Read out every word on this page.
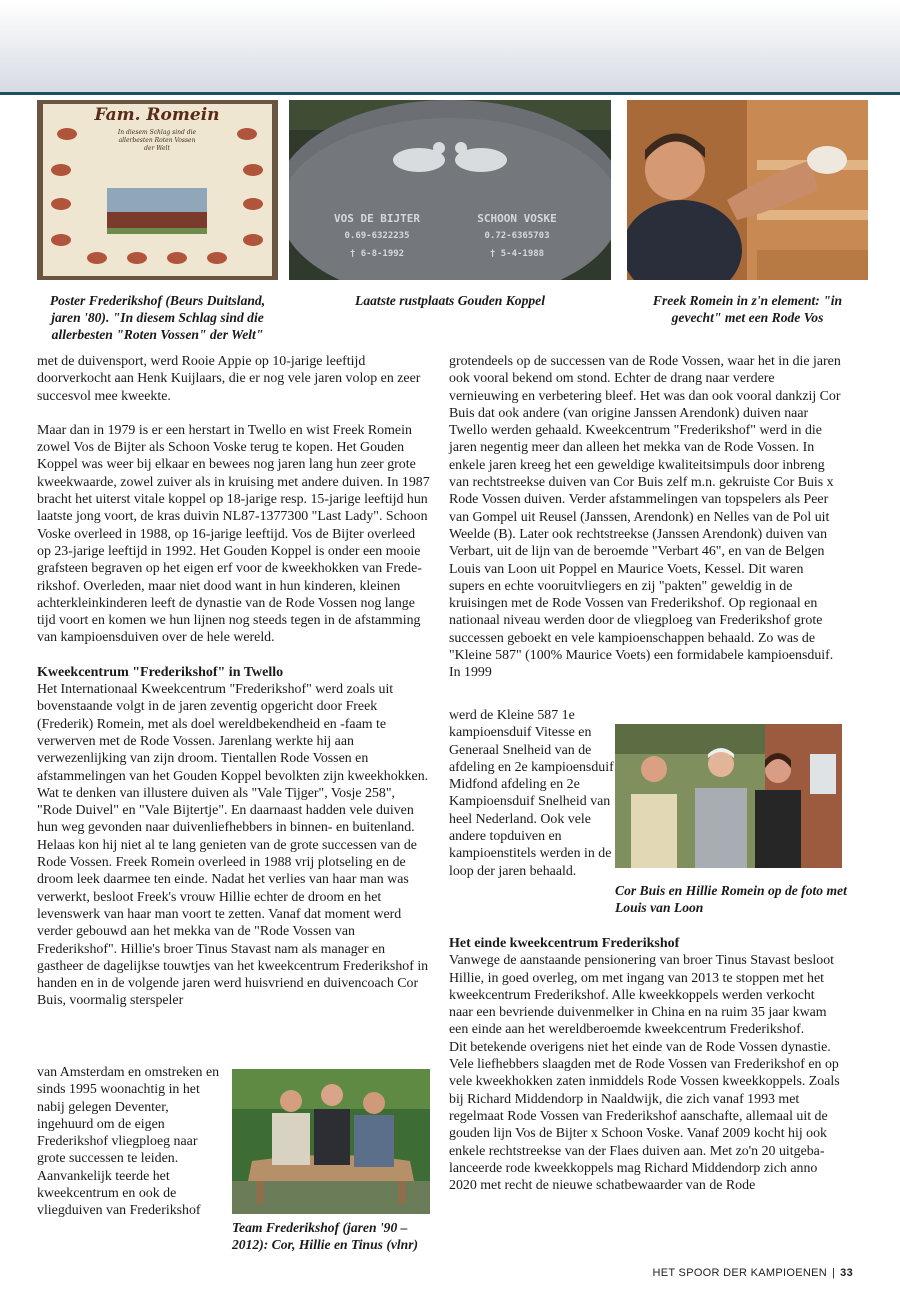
Fam. Romein
In diesem Schlag sind die
allerbesten Roten Vossen
der Welt
VOS DE BIJTER
0.69-6322235
† 6-8-1992
SCHOON VOSKE
0.72-6365703
† 5-4-1988
Poster Frederikshof (Beurs Duitsland, jaren '80). "In diesem Schlag sind die allerbesten "Roten Vossen" der Welt"
Laatste rustplaats Gouden Koppel	Freek Romein in z'n element: "in gevecht" met een Rode Vos
Cor Buis en Hillie Romein op de foto met Louis van Loon
Team Frederikshof (jaren '90 – 2012): Cor, Hillie en Tinus (vlnr)

met de duivensport, werd Rooie Appie op 10-jarige leeftijd doorverkocht aan Henk Kuijlaars, die er nog vele jaren volop en zeer succesvol mee kweekte.

Maar dan in 1979 is er een herstart in Twello en wist Freek Romein zowel Vos de Bijter als Schoon Voske terug te kopen. Het Gouden Koppel was weer bij elkaar en bewees nog jaren lang hun zeer grote kweekwaarde, zowel zuiver als in kruising met andere duiven. In 1987 bracht het uiterst vitale koppel op 18-jarige resp. 15-jarige leeftijd hun laatste jong voort, de kras duivin NL87-1377300 "Last Lady". Schoon Voske overleed in 1988, op 16-jarige leeftijd. Vos de Bijter overleed op 23-jarige leeftijd in 1992. Het Gouden Koppel is onder een mooie grafsteen begraven op het eigen erf voor de kweekhokken van Frederikshof. Overleden, maar niet dood want in hun kinderen, kleinen achterkleinkinderen leeft de dynastie van de Rode Vossen nog lange tijd voort en komen we hun lijnen nog steeds tegen in de afstamming van kampioensduiven over de hele wereld.

Kweekcentrum "Frederikshof" in Twello

Het Internationaal Kweekcentrum "Frederikshof" werd zoals uit bovenstaande volgt in de jaren zeventig opgericht door Freek (Frederik) Romein, met als doel wereldbekendheid en -faam te verwerven met de Rode Vossen. Jarenlang werkte hij aan verwezenlijking van zijn droom. Tientallen Rode Vossen en afstammelingen van het Gouden Koppel bevolkten zijn kweekhokken. Wat te denken van illustere duiven als "Vale Tijger", Vosje 258", "Rode Duivel" en "Vale Bijtertje". En daarnaast hadden vele duiven hun weg gevonden naar duivenliefhebbers in binnen- en buitenland.

Helaas kon hij niet al te lang genieten van de grote successen van de Rode Vossen. Freek Romein overleed in 1988 vrij plotseling en de droom leek daarmee ten einde. Nadat het verlies van haar man was verwerkt, besloot Freek's vrouw Hillie echter de droom en het levenswerk van haar man voort te zetten. Vanaf dat moment werd verder gebouwd aan het mekka van de "Rode Vossen van Frederikshof". Hillie's broer Tinus Stavast nam als manager en gastheer de dagelijkse touwtjes van het kweekcentrum Frederikshof in handen en in de volgende jaren werd huisvriend en duivencoach Cor Buis, voormalig sterspeler

van Amsterdam en omstreken en sinds 1995 woonachtig in het nabij gelegen Deventer, ingehuurd om de eigen Frederikshof vliegploeg naar grote successen te leiden.

Aanvankelijk teerde het kweekcentrum en ook de vliegduiven van Frederikshof

grotendeels op de successen van de Rode Vossen, waar het in die jaren ook vooral bekend om stond. Echter de drang naar verdere vernieuwing en verbetering bleef. Het was dan ook vooral dankzij Cor Buis dat ook andere (van origine Janssen Arendonk) duiven naar Twello werden gehaald. Kweekcentrum "Frederikshof" werd in die jaren negentig meer dan alleen het mekka van de Rode Vossen. In enkele jaren kreeg het een geweldige kwaliteitsimpuls door inbreng van rechtstreekse duiven van Cor Buis zelf m.n. gekruiste Cor Buis x Rode Vossen duiven. Verder afstammelingen van topspelers als Peer van Gompel uit Reusel (Janssen, Arendonk) en Nelles van de Pol uit Weelde (B). Later ook rechtstreekse (Janssen Arendonk) duiven van Verbart, uit de lijn van de beroemde "Verbart 46", en van de Belgen Louis van Loon uit Poppel en Maurice Voets, Kessel. Dit waren supers en echte vooruitvliegers en zij "pakten" geweldig in de kruisingen met de Rode Vossen van Frederikshof. Op regionaal en nationaal niveau werden door de vliegploeg van Frederikshof grote successen geboekt en vele kampioenschappen behaald. Zo was de "Kleine 587" (100% Maurice Voets) een formidabele kampioensduif. In 1999

werd de Kleine 587 1e kampioensduif Vitesse en Generaal Snelheid van de afdeling en 2e kampioensduif Midfond afdeling en 2e Kampioensduif Snelheid van heel Nederland. Ook vele andere topduiven en kampioenstitels werden in de loop der jaren behaald.

Het einde kweekcentrum Frederikshof

Vanwege de aanstaande pensionering van broer Tinus Stavast besloot Hillie, in goed overleg, om met ingang van 2013 te stoppen met het kweekcentrum Frederikshof. Alle kweekkoppels werden verkocht naar een bevriende duivenmelker in China en na ruim 35 jaar kwam een einde aan het wereldberoemde kweekcentrum Frederikshof.

Dit betekende overigens niet het einde van de Rode Vossen dynastie. Vele liefhebbers slaagden met de Rode Vossen van Frederikshof en op vele kweekhokken zaten inmiddels Rode Vossen kweekkoppels. Zoals bij Richard Middendorp in Naaldwijk, die zich vanaf 1993 met regelmaat Rode Vossen van Frederikshof aanschafte, allemaal uit de gouden lijn Vos de Bijter x Schoon Voske. Vanaf 2009 kocht hij ook enkele rechtstreekse van der Flaes duiven aan. Met zo'n 20 uitgebalanceerde rode kweekkoppels mag Richard Middendorp zich anno 2020 met recht de nieuwe schatbewaarder van de Rode

HET SPOOR DER KAMPIOENEN | 33
